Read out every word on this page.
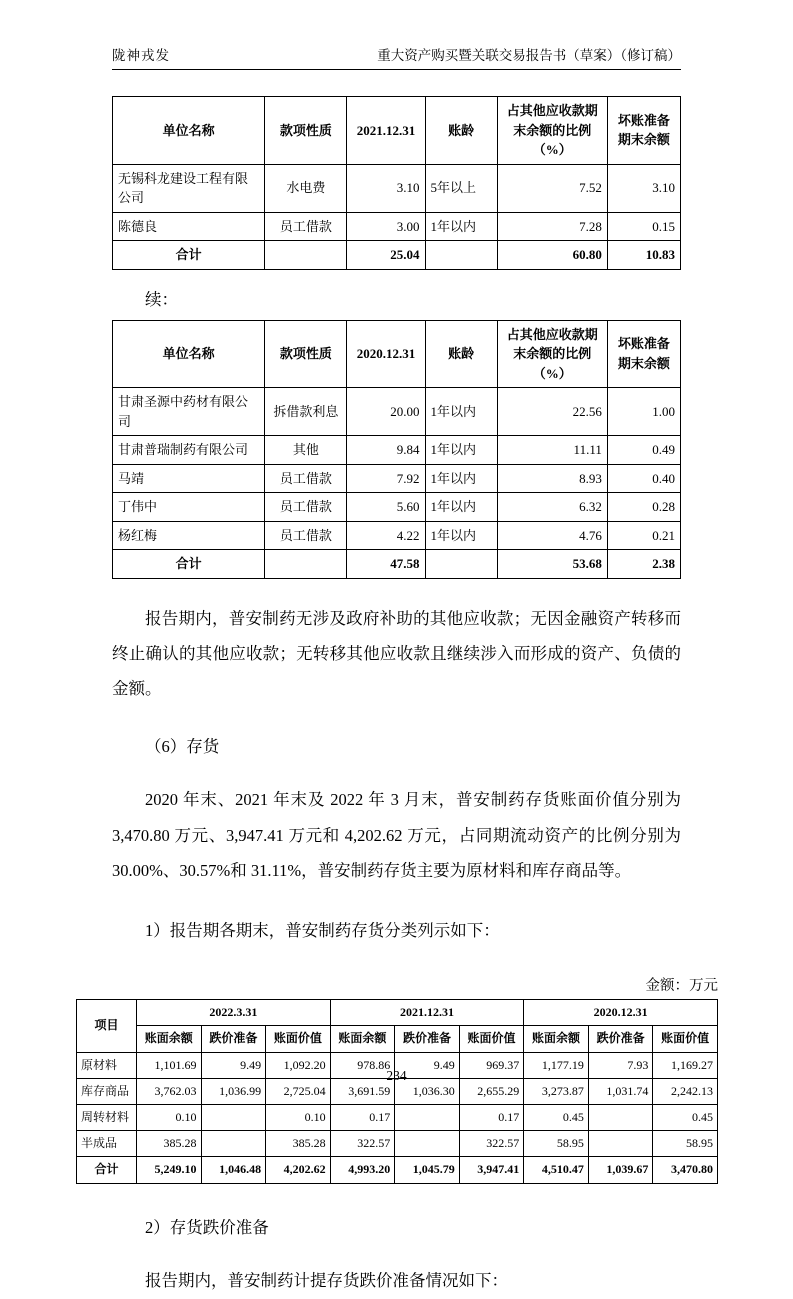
陇神戎发	重大资产购买暨关联交易报告书（草案）（修订稿）
单位名称	款项性质	2021.12.31	账龄	占其他应收款期末余额的比例（%）	坏账准备期末余额
无锡科龙建设工程有限公司	水电费	3.10	5年以上	7.52	3.10
陈德良	员工借款	3.00	1年以内	7.28	0.15
合计		25.04		60.80	10.83
续：
单位名称	款项性质	2020.12.31	账龄	占其他应收款期末余额的比例（%）	坏账准备期末余额
甘肃圣源中药材有限公司	拆借款利息	20.00	1年以内	22.56	1.00
甘肃普瑞制药有限公司	其他	9.84	1年以内	11.11	0.49
马靖	员工借款	7.92	1年以内	8.93	0.40
丁伟中	员工借款	5.60	1年以内	6.32	0.28
杨红梅	员工借款	4.22	1年以内	4.76	0.21
合计		47.58		53.68	2.38

报告期内，普安制药无涉及政府补助的其他应收款；无因金融资产转移而终止确认的其他应收款；无转移其他应收款且继续涉入而形成的资产、负债的金额。

（6）存货

2020 年末、2021 年末及 2022 年 3 月末，普安制药存货账面价值分别为 3,470.80 万元、3,947.41 万元和 4,202.62 万元，占同期流动资产的比例分别为 30.00%、30.57%和 31.11%，普安制药存货主要为原材料和库存商品等。

1）报告期各期末，普安制药存货分类列示如下：

金额：万元
项目	2022.3.31			2021.12.31			2020.12.31		
	账面余额	跌价准备	账面价值	账面余额	跌价准备	账面价值	账面余额	跌价准备	账面价值
原材料	1,101.69	9.49	1,092.20	978.86	9.49	969.37	1,177.19	7.93	1,169.27
库存商品	3,762.03	1,036.99	2,725.04	3,691.59	1,036.30	2,655.29	3,273.87	1,031.74	2,242.13
周转材料	0.10		0.10	0.17		0.17	0.45		0.45
半成品	385.28		385.28	322.57		322.57	58.95		58.95
合计	5,249.10	1,046.48	4,202.62	4,993.20	1,045.79	3,947.41	4,510.47	1,039.67	3,470.80

2）存货跌价准备

报告期内，普安制药计提存货跌价准备情况如下：

234
